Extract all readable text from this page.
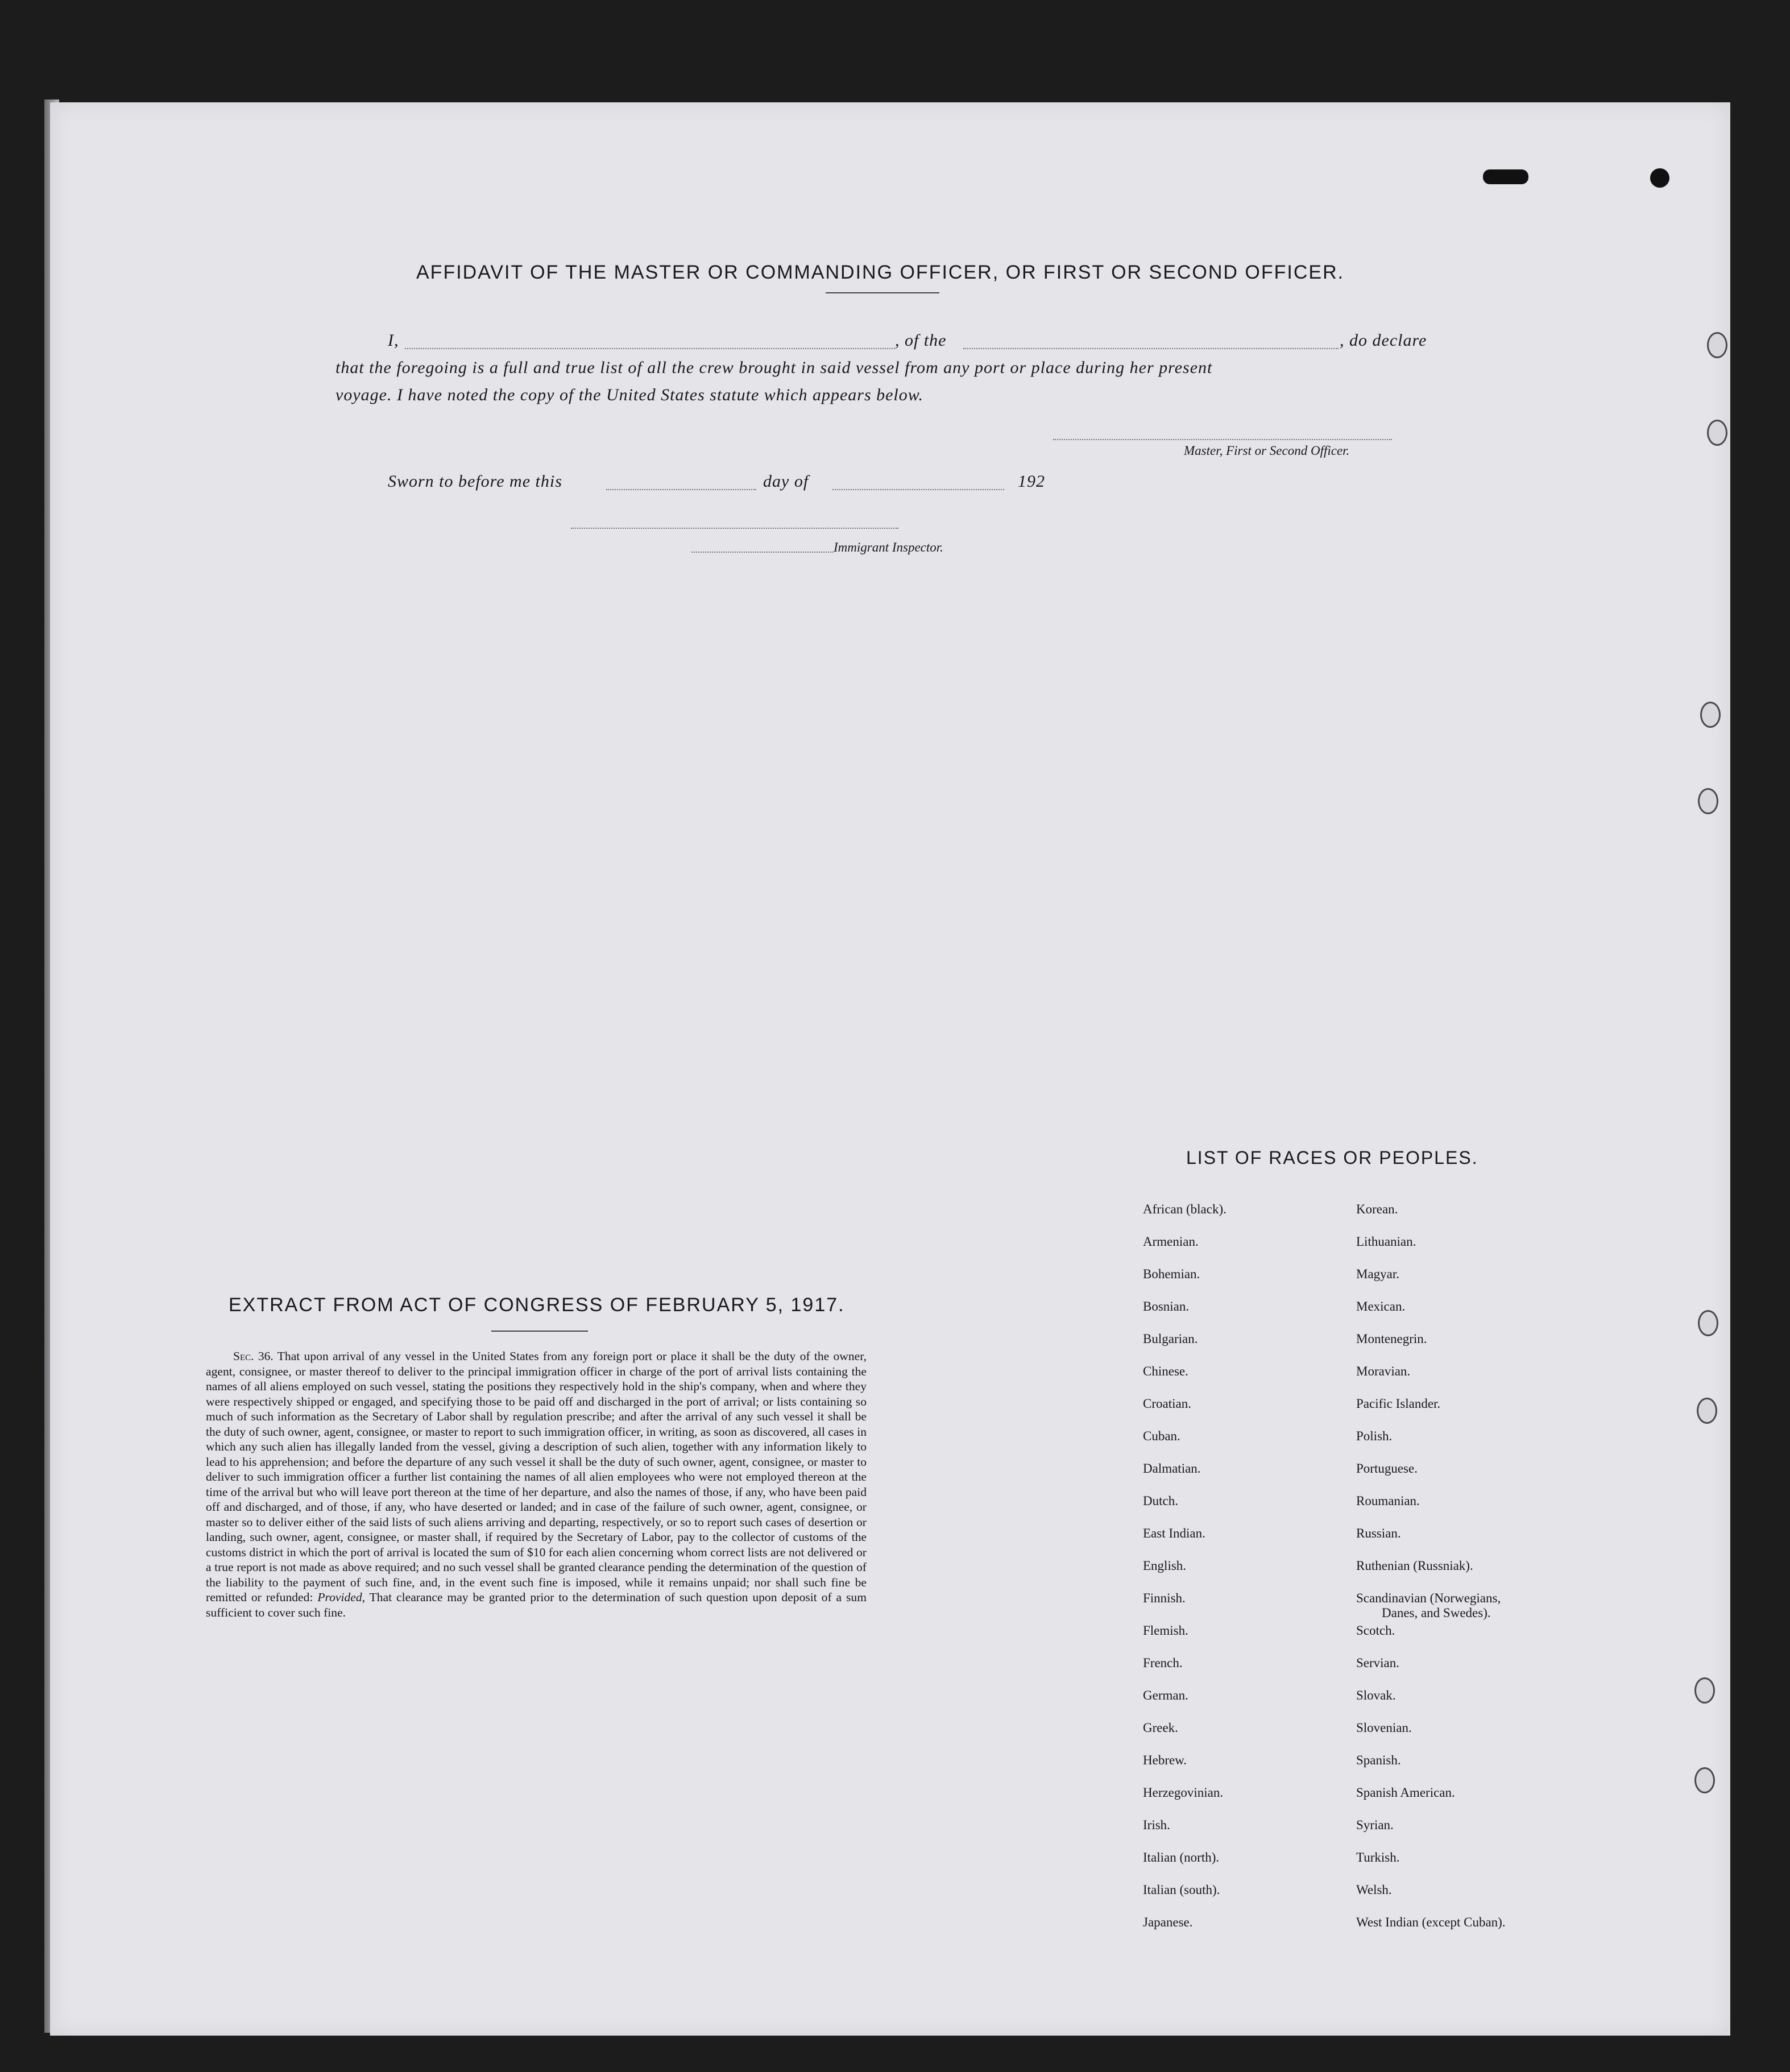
AFFIDAVIT OF THE MASTER OR COMMANDING OFFICER, OR FIRST OR SECOND OFFICER.
I,	, of the	, do declare
that the foregoing is a full and true list of all the crew brought in said vessel from any port or place during her present
voyage. I have noted the copy of the United States statute which appears below.
Master, First or Second Officer.
Sworn to before me this	day of	192
Immigrant Inspector.
EXTRACT FROM ACT OF CONGRESS OF FEBRUARY 5, 1917.
Sec. 36. That upon arrival of any vessel in the United States from any foreign port or place it shall be the duty of the owner, agent, consignee, or master thereof to deliver to the principal immigration officer in charge of the port of arrival lists containing the names of all aliens employed on such vessel, stating the positions they respectively hold in the ship's company, when and where they were respectively shipped or engaged, and specifying those to be paid off and discharged in the port of arrival; or lists containing so much of such information as the Secretary of Labor shall by regulation prescribe; and after the arrival of any such vessel it shall be the duty of such owner, agent, consignee, or master to report to such immigration officer, in writing, as soon as discovered, all cases in which any such alien has illegally landed from the vessel, giving a description of such alien, together with any information likely to lead to his apprehension; and before the departure of any such vessel it shall be the duty of such owner, agent, consignee, or master to deliver to such immigration officer a further list containing the names of all alien employees who were not employed thereon at the time of the arrival but who will leave port thereon at the time of her departure, and also the names of those, if any, who have been paid off and discharged, and of those, if any, who have deserted or landed; and in case of the failure of such owner, agent, consignee, or master so to deliver either of the said lists of such aliens arriving and departing, respectively, or so to report such cases of desertion or landing, such owner, agent, consignee, or master shall, if required by the Secretary of Labor, pay to the collector of customs of the customs district in which the port of arrival is located the sum of $10 for each alien concerning whom correct lists are not delivered or a true report is not made as above required; and no such vessel shall be granted clearance pending the determination of the question of the liability to the payment of such fine, and, in the event such fine is imposed, while it remains unpaid; nor shall such fine be remitted or refunded: Provided, That clearance may be granted prior to the determination of such question upon deposit of a sum sufficient to cover such fine.
LIST OF RACES OR PEOPLES.
African (black).	Korean.
Armenian.	Lithuanian.
Bohemian.	Magyar.
Bosnian.	Mexican.
Bulgarian.	Montenegrin.
Chinese.	Moravian.
Croatian.	Pacific Islander.
Cuban.	Polish.
Dalmatian.	Portuguese.
Dutch.	Roumanian.
East Indian.	Russian.
English.	Ruthenian (Russniak).
Finnish.	Scandinavian (Norwegians,
Danes, and Swedes).
Flemish.	Scotch.
French.	Servian.
German.	Slovak.
Greek.	Slovenian.
Hebrew.	Spanish.
Herzegovinian.	Spanish American.
Irish.	Syrian.
Italian (north).	Turkish.
Italian (south).	Welsh.
Japanese.	West Indian (except Cuban).
